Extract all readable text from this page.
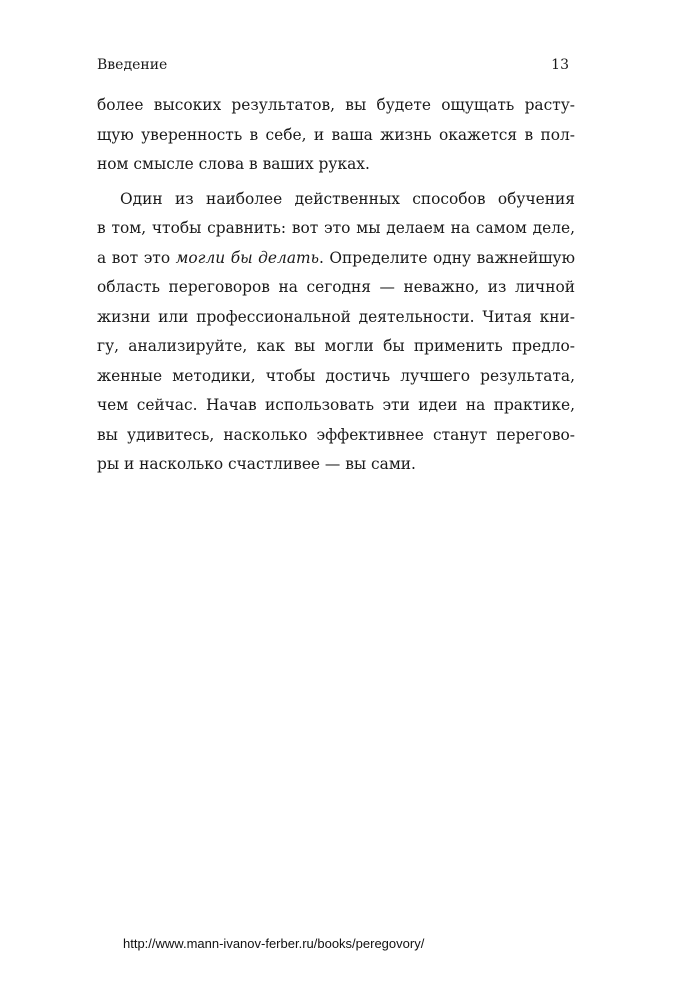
Введение	13
более высоких результатов, вы будете ощущать расту-
щую уверенность в себе, и ваша жизнь окажется в пол-
ном смысле слова в ваших руках.
Один из наиболее действенных способов обучения
в том, чтобы сравнить: вот это мы делаем на самом деле,
а вот это могли бы делать. Определите одну важнейшую
область переговоров на сегодня — неважно, из личной
жизни или профессиональной деятельности. Читая кни-
гу, анализируйте, как вы могли бы применить предло-
женные методики, чтобы достичь лучшего результата,
чем сейчас. Начав использовать эти идеи на практике,
вы удивитесь, насколько эффективнее станут перегово-
ры и насколько счастливее — вы сами.
http://www.mann-ivanov-ferber.ru/books/peregovory/
